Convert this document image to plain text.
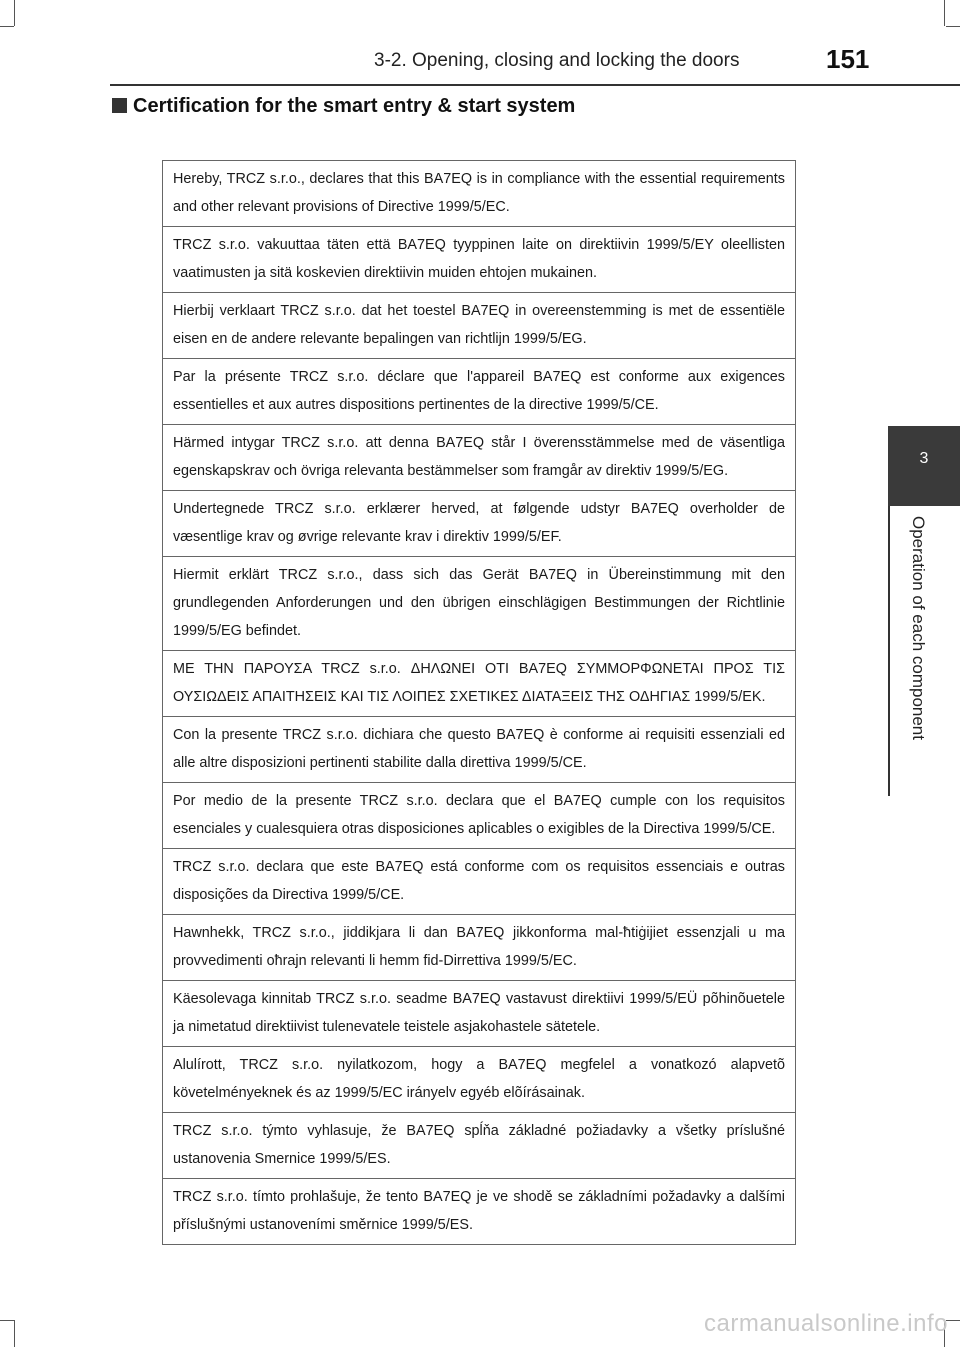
3-2. Opening, closing and locking the doors	151
Certification for the smart entry & start system
Hereby, TRCZ s.r.o., declares that this BA7EQ is in compliance with the essential requirements and other relevant provisions of Directive 1999/5/EC.
TRCZ s.r.o. vakuuttaa täten että BA7EQ tyyppinen laite on direktiivin 1999/5/EY oleellisten vaatimusten ja sitä koskevien direktiivin muiden ehtojen mukainen.
Hierbij verklaart TRCZ s.r.o. dat het toestel BA7EQ in overeenstemming is met de essentiële eisen en de andere relevante bepalingen van richtlijn 1999/5/EG.
Par la présente TRCZ s.r.o. déclare que l'appareil BA7EQ est conforme aux exigences essentielles et aux autres dispositions pertinentes de la directive 1999/5/CE.
Härmed intygar TRCZ s.r.o. att denna BA7EQ står I överensstämmelse med de väsentliga egenskapskrav och övriga relevanta bestämmelser som framgår av direktiv 1999/5/EG.
Undertegnede TRCZ s.r.o. erklærer herved, at følgende udstyr BA7EQ overholder de væsentlige krav og øvrige relevante krav i direktiv 1999/5/EF.
Hiermit erklärt TRCZ s.r.o., dass sich das Gerät BA7EQ in Übereinstimmung mit den grundlegenden Anforderungen und den übrigen einschlägigen Bestimmungen der Richtlinie 1999/5/EG befindet.
ΜΕ ΤΗΝ ΠΑΡΟΥΣΑ TRCZ s.r.o. ΔΗΛΩΝΕΙ ΟΤΙ BA7EQ ΣΥΜΜΟΡΦΩΝΕΤΑΙ ΠΡΟΣ ΤΙΣ ΟΥΣΙΩΔΕΙΣ ΑΠΑΙΤΗΣΕΙΣ ΚΑΙ ΤΙΣ ΛΟΙΠΕΣ ΣΧΕΤΙΚΕΣ ΔΙΑΤΑΞΕΙΣ ΤΗΣ ΟΔΗΓΙΑΣ 1999/5/ΕΚ.
Con la presente TRCZ s.r.o. dichiara che questo BA7EQ è conforme ai requisiti essenziali ed alle altre disposizioni pertinenti stabilite dalla direttiva 1999/5/CE.
Por medio de la presente TRCZ s.r.o. declara que el BA7EQ cumple con los requisitos esenciales y cualesquiera otras disposiciones aplicables o exigibles de la Directiva 1999/5/CE.
TRCZ s.r.o. declara que este BA7EQ está conforme com os requisitos essenciais e outras disposições da Directiva 1999/5/CE.
Hawnhekk, TRCZ s.r.o., jiddikjara li dan BA7EQ jikkonforma mal-ħtiġijiet essenzjali u ma provvedimenti oħrajn relevanti li hemm fid-Dirrettiva 1999/5/EC.
Käesolevaga kinnitab TRCZ s.r.o. seadme BA7EQ vastavust direktiivi 1999/5/EÜ põhinõuetele ja nimetatud direktiivist tulenevatele teistele asjakohastele sätetele.
Alulírott, TRCZ s.r.o. nyilatkozom, hogy a BA7EQ megfelel a vonatkozó alapvetõ követelményeknek és az 1999/5/EC irányelv egyéb elõírásainak.
TRCZ s.r.o. týmto vyhlasuje, že BA7EQ spĺňa základné požiadavky a všetky príslušné ustanovenia Smernice 1999/5/ES.
TRCZ s.r.o. tímto prohlašuje, že tento BA7EQ je ve shodě se základními požadavky a dalšími příslušnými ustanoveními směrnice 1999/5/ES.
3
Operation of each component
carmanualsonline.info
